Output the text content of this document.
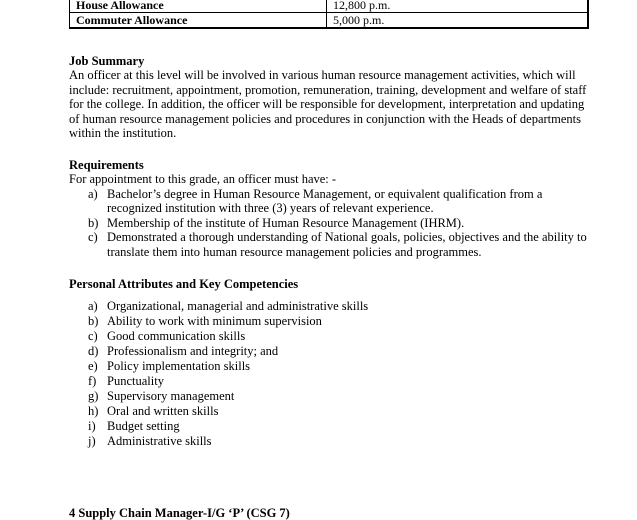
House Allowance	12,800 p.m.
Commuter Allowance	5,000 p.m.

Job Summary

An officer at this level will be involved in various human resource management activities, which will include: recruitment, appointment, promotion, remuneration, training, development and welfare of staff for the college. In addition, the officer will be responsible for development, interpretation and updating of human resource management policies and procedures in conjunction with the Heads of departments within the institution.

Requirements

For appointment to this grade, an officer must have: -

a) Bachelor’s degree in Human Resource Management, or equivalent qualification from a recognized institution with three (3) years of relevant experience.
b) Membership of the institute of Human Resource Management (IHRM).
c) Demonstrated a thorough understanding of National goals, policies, objectives and the ability to translate them into human resource management policies and programmes.

Personal Attributes and Key Competencies

a) Organizational, managerial and administrative skills
b) Ability to work with minimum supervision
c) Good communication skills
d) Professionalism and integrity; and
e) Policy implementation skills
f) Punctuality
g) Supervisory management
h) Oral and written skills
i) Budget setting
j) Administrative skills
4 Supply Chain Manager-I/G ‘P’ (CSG 7)
